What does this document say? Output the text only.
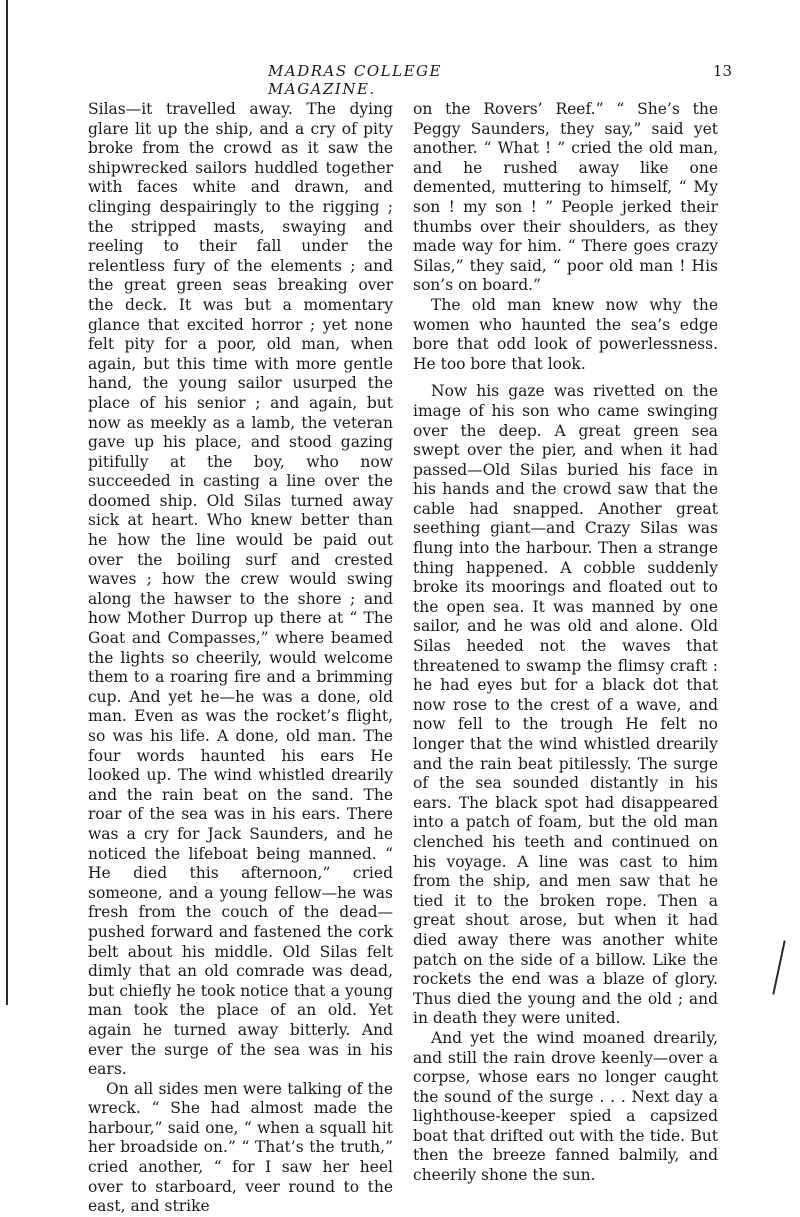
MADRAS COLLEGE MAGAZINE.
13

Silas—it travelled away. The dying glare lit up the ship, and a cry of pity broke from the crowd as it saw the shipwrecked sailors huddled together with faces white and drawn, and clinging despairingly to the rigging ; the stripped masts, swaying and reeling to their fall under the relentless fury of the elements ; and the great green seas breaking over the deck. It was but a momentary glance that excited horror ; yet none felt pity for a poor, old man, when again, but this time with more gentle hand, the young sailor usurped the place of his senior ; and again, but now as meekly as a lamb, the veteran gave up his place, and stood gazing pitifully at the boy, who now succeeded in casting a line over the doomed ship. Old Silas turned away sick at heart. Who knew better than he how the line would be paid out over the boiling surf and crested waves ; how the crew would swing along the hawser to the shore ; and how Mother Durrop up there at “ The Goat and Compasses,” where beamed the lights so cheerily, would welcome them to a roaring fire and a brimming cup. And yet he—he was a done, old man. Even as was the rocket’s flight, so was his life. A done, old man. The four words haunted his ears He looked up. The wind whistled drearily and the rain beat on the sand. The roar of the sea was in his ears. There was a cry for Jack Saunders, and he noticed the lifeboat being manned. “ He died this afternoon,” cried someone, and a young fellow—he was fresh from the couch of the dead—pushed forward and fastened the cork belt about his middle. Old Silas felt dimly that an old comrade was dead, but chiefly he took notice that a young man took the place of an old. Yet again he turned away bitterly. And ever the surge of the sea was in his ears.

On all sides men were talking of the wreck. “ She had almost made the harbour,” said one, “ when a squall hit her broadside on.” “ That’s the truth,” cried another, “ for I saw her heel over to starboard, veer round to the east, and strike

on the Rovers’ Reef.” “ She’s the Peggy Saunders, they say,” said yet another. “ What ! ” cried the old man, and he rushed away like one demented, muttering to himself, “ My son ! my son ! ” People jerked their thumbs over their shoulders, as they made way for him. “ There goes crazy Silas,” they said, “ poor old man ! His son’s on board.”

The old man knew now why the women who haunted the sea’s edge bore that odd look of powerlessness. He too bore that look.

Now his gaze was rivetted on the image of his son who came swinging over the deep. A great green sea swept over the pier, and when it had passed—Old Silas buried his face in his hands and the crowd saw that the cable had snapped. Another great seething giant—and Crazy Silas was flung into the harbour. Then a strange thing happened. A cobble suddenly broke its moorings and floated out to the open sea. It was manned by one sailor, and he was old and alone. Old Silas heeded not the waves that threatened to swamp the flimsy craft : he had eyes but for a black dot that now rose to the crest of a wave, and now fell to the trough He felt no longer that the wind whistled drearily and the rain beat pitilessly. The surge of the sea sounded distantly in his ears. The black spot had disappeared into a patch of foam, but the old man clenched his teeth and continued on his voyage. A line was cast to him from the ship, and men saw that he tied it to the broken rope. Then a great shout arose, but when it had died away there was another white patch on the side of a billow. Like the rockets the end was a blaze of glory. Thus died the young and the old ; and in death they were united.

And yet the wind moaned drearily, and still the rain drove keenly—over a corpse, whose ears no longer caught the sound of the surge . . . Next day a lighthouse-keeper spied a capsized boat that drifted out with the tide. But then the breeze fanned balmily, and cheerily shone the sun.
